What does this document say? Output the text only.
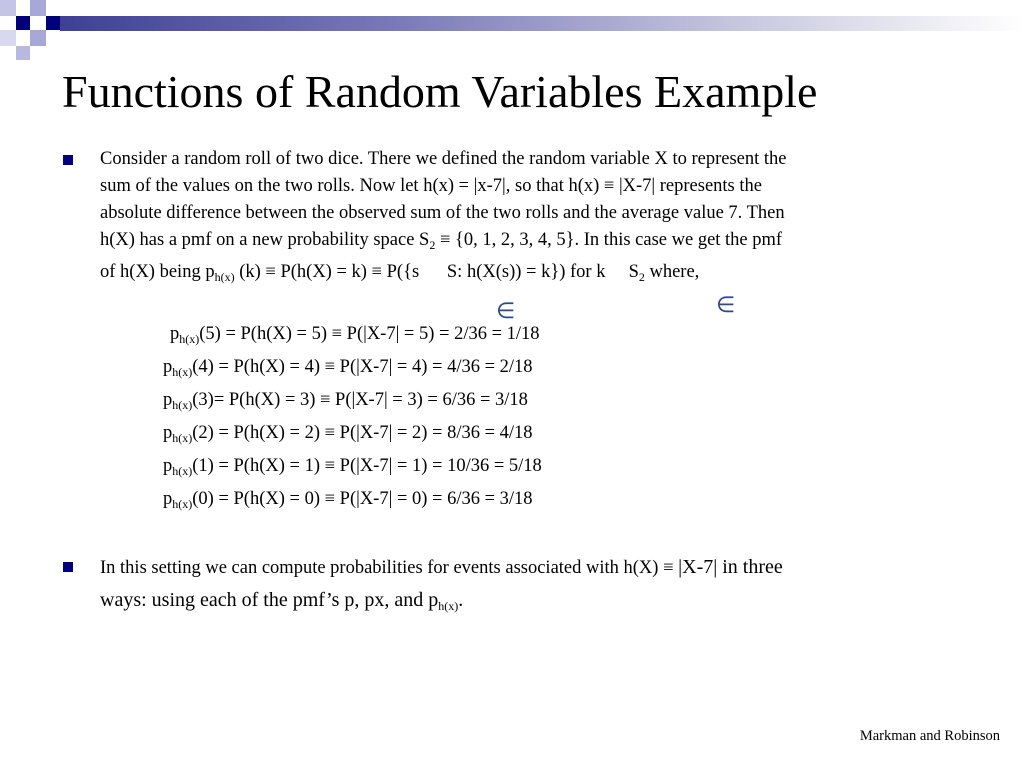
Functions of Random Variables Example
Consider a random roll of two dice. There we defined the random variable X to represent the
sum of the values on the two rolls. Now let h(x) = |x-7|, so that h(x) ≡ |X-7| represents the
absolute difference between the observed sum of the two rolls and the average value 7. Then
h(X) has a pmf on a new probability space $S_2 \equiv \{0$, 1, 2, 3, 4, 5}. In this case we get the pmf
of h(X) being $p_{h(x)}$ (k) ≡ P(h(X) = k) ≡ P({s      S: h(X(s)) = k}) for k     $S_2$ where,
∈	∈
$p_{h(x)}(5) = P(h(X) = 5) \equiv P(|X-7| = 5) = 2/36 = 1/18$
$p_{h(x)}(4) = P(h(X) = 4) \equiv P(|X-7| = 4) = 4/36 = 2/18$
$p_{h(x)}(3)= P(h(X) = 3) \equiv P(|X-7| = 3) = 6/36 = 3/18$
$p_{h(x)}(2) = P(h(X) = 2) \equiv P(|X-7| = 2) = 8/36 = 4/18$
$p_{h(x)}(1) = P(h(X) = 1) \equiv P(|X-7| = 1) = 10/36 = 5/18$
$p_{h(x)}(0) = P(h(X) = 0) \equiv P(|X-7| = 0) = 6/36 = 3/18$
In this setting we can compute probabilities for events associated with h(X) ≡ |X-7| in three
ways: using each of the pmf’s p, px, and $p_{h(x)}$.
Markman and Robinson
